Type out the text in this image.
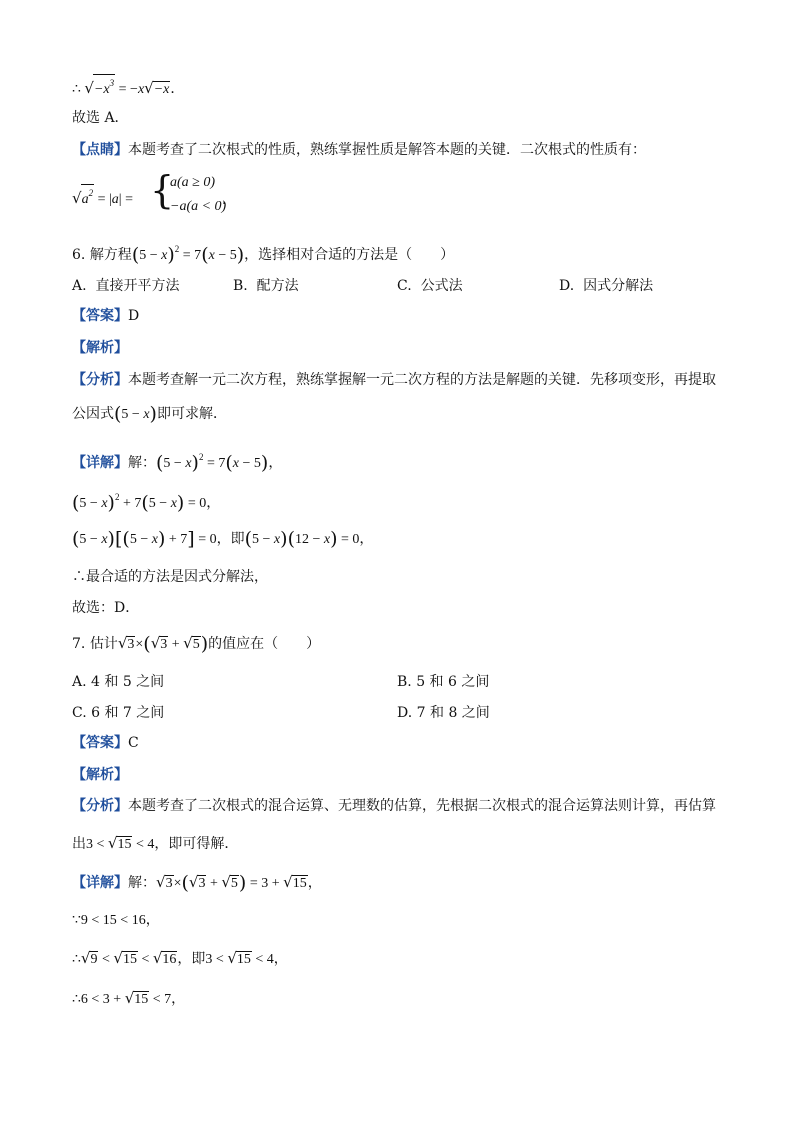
∴ $√-x^3 = -x√-x$．
故选 A．
【点睛】本题考查了二次根式的性质，熟练掌握性质是解答本题的关键．二次根式的性质有：
$√a^2 = |a|$ = {
a(a ≥ 0)
−a(a < 0)
．
6. 解方程$(5 - x)^2 = 7(x - 5)$，选择相对合适的方法是（　　）
A. 直接开平方法	B. 配方法	C. 公式法	D. 因式分解法
【答案】D
【解析】
【分析】本题考查解一元二次方程，熟练掌握解一元二次方程的方法是解题的关键．先移项变形，再提取
公因式(5 − x)即可求解．
【详解】解：$(5 - x)^2 = 7(x - 5)$，
$(5 - x)^2 + 7(5 - x) = 0$，
(5 − x)[(5 − x) + 7] = 0，即(5 − x)(12 − x) = 0，
∴最合适的方法是因式分解法，
故选：D．
7. 估计√3×(√3 + √5)的值应在（　　）
A. 4 和 5 之间	B. 5 和 6 之间
C. 6 和 7 之间	D. 7 和 8 之间
【答案】C
【解析】
【分析】本题考查了二次根式的混合运算、无理数的估算，先根据二次根式的混合运算法则计算，再估算
出3 < √15 < 4，即可得解．
【详解】解：√3×(√3 + √5) = 3 + √15，
∵9 < 15 < 16，
∴√9 < √15 < √16，即3 < √15 < 4，
∴6 < 3 + √15 < 7，
